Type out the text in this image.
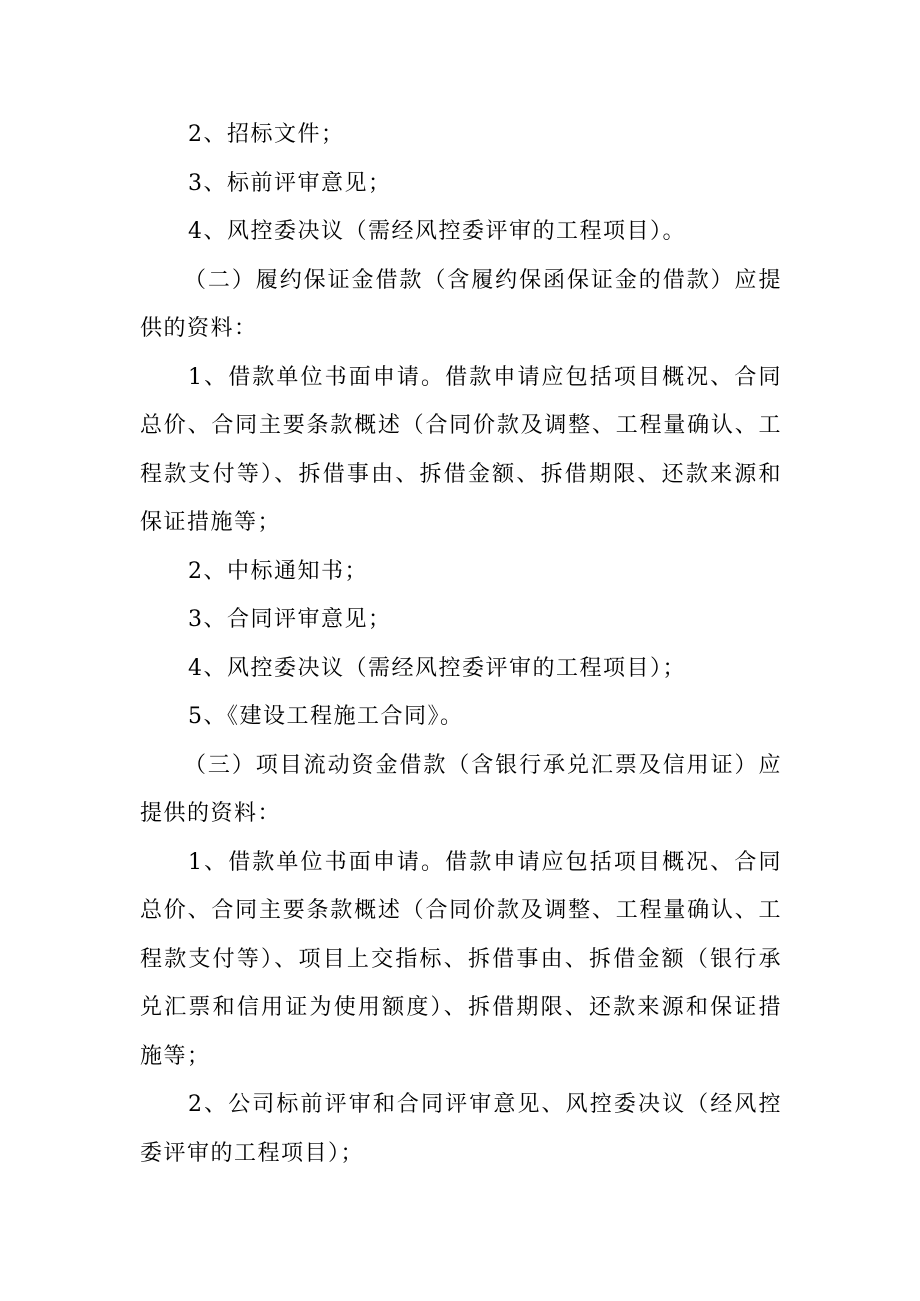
2、招标文件；

3、标前评审意见；

4、风控委决议（需经风控委评审的工程项目）。

（二）履约保证金借款（含履约保函保证金的借款）应提供的资料：

1、借款单位书面申请。借款申请应包括项目概况、合同总价、合同主要条款概述（合同价款及调整、工程量确认、工程款支付等）、拆借事由、拆借金额、拆借期限、还款来源和保证措施等；

2、中标通知书；

3、合同评审意见；

4、风控委决议（需经风控委评审的工程项目）；

5、《建设工程施工合同》。

（三）项目流动资金借款（含银行承兑汇票及信用证）应提供的资料：

1、借款单位书面申请。借款申请应包括项目概况、合同总价、合同主要条款概述（合同价款及调整、工程量确认、工程款支付等）、项目上交指标、拆借事由、拆借金额（银行承兑汇票和信用证为使用额度）、拆借期限、还款来源和保证措施等；

2、公司标前评审和合同评审意见、风控委决议（经风控委评审的工程项目）；
